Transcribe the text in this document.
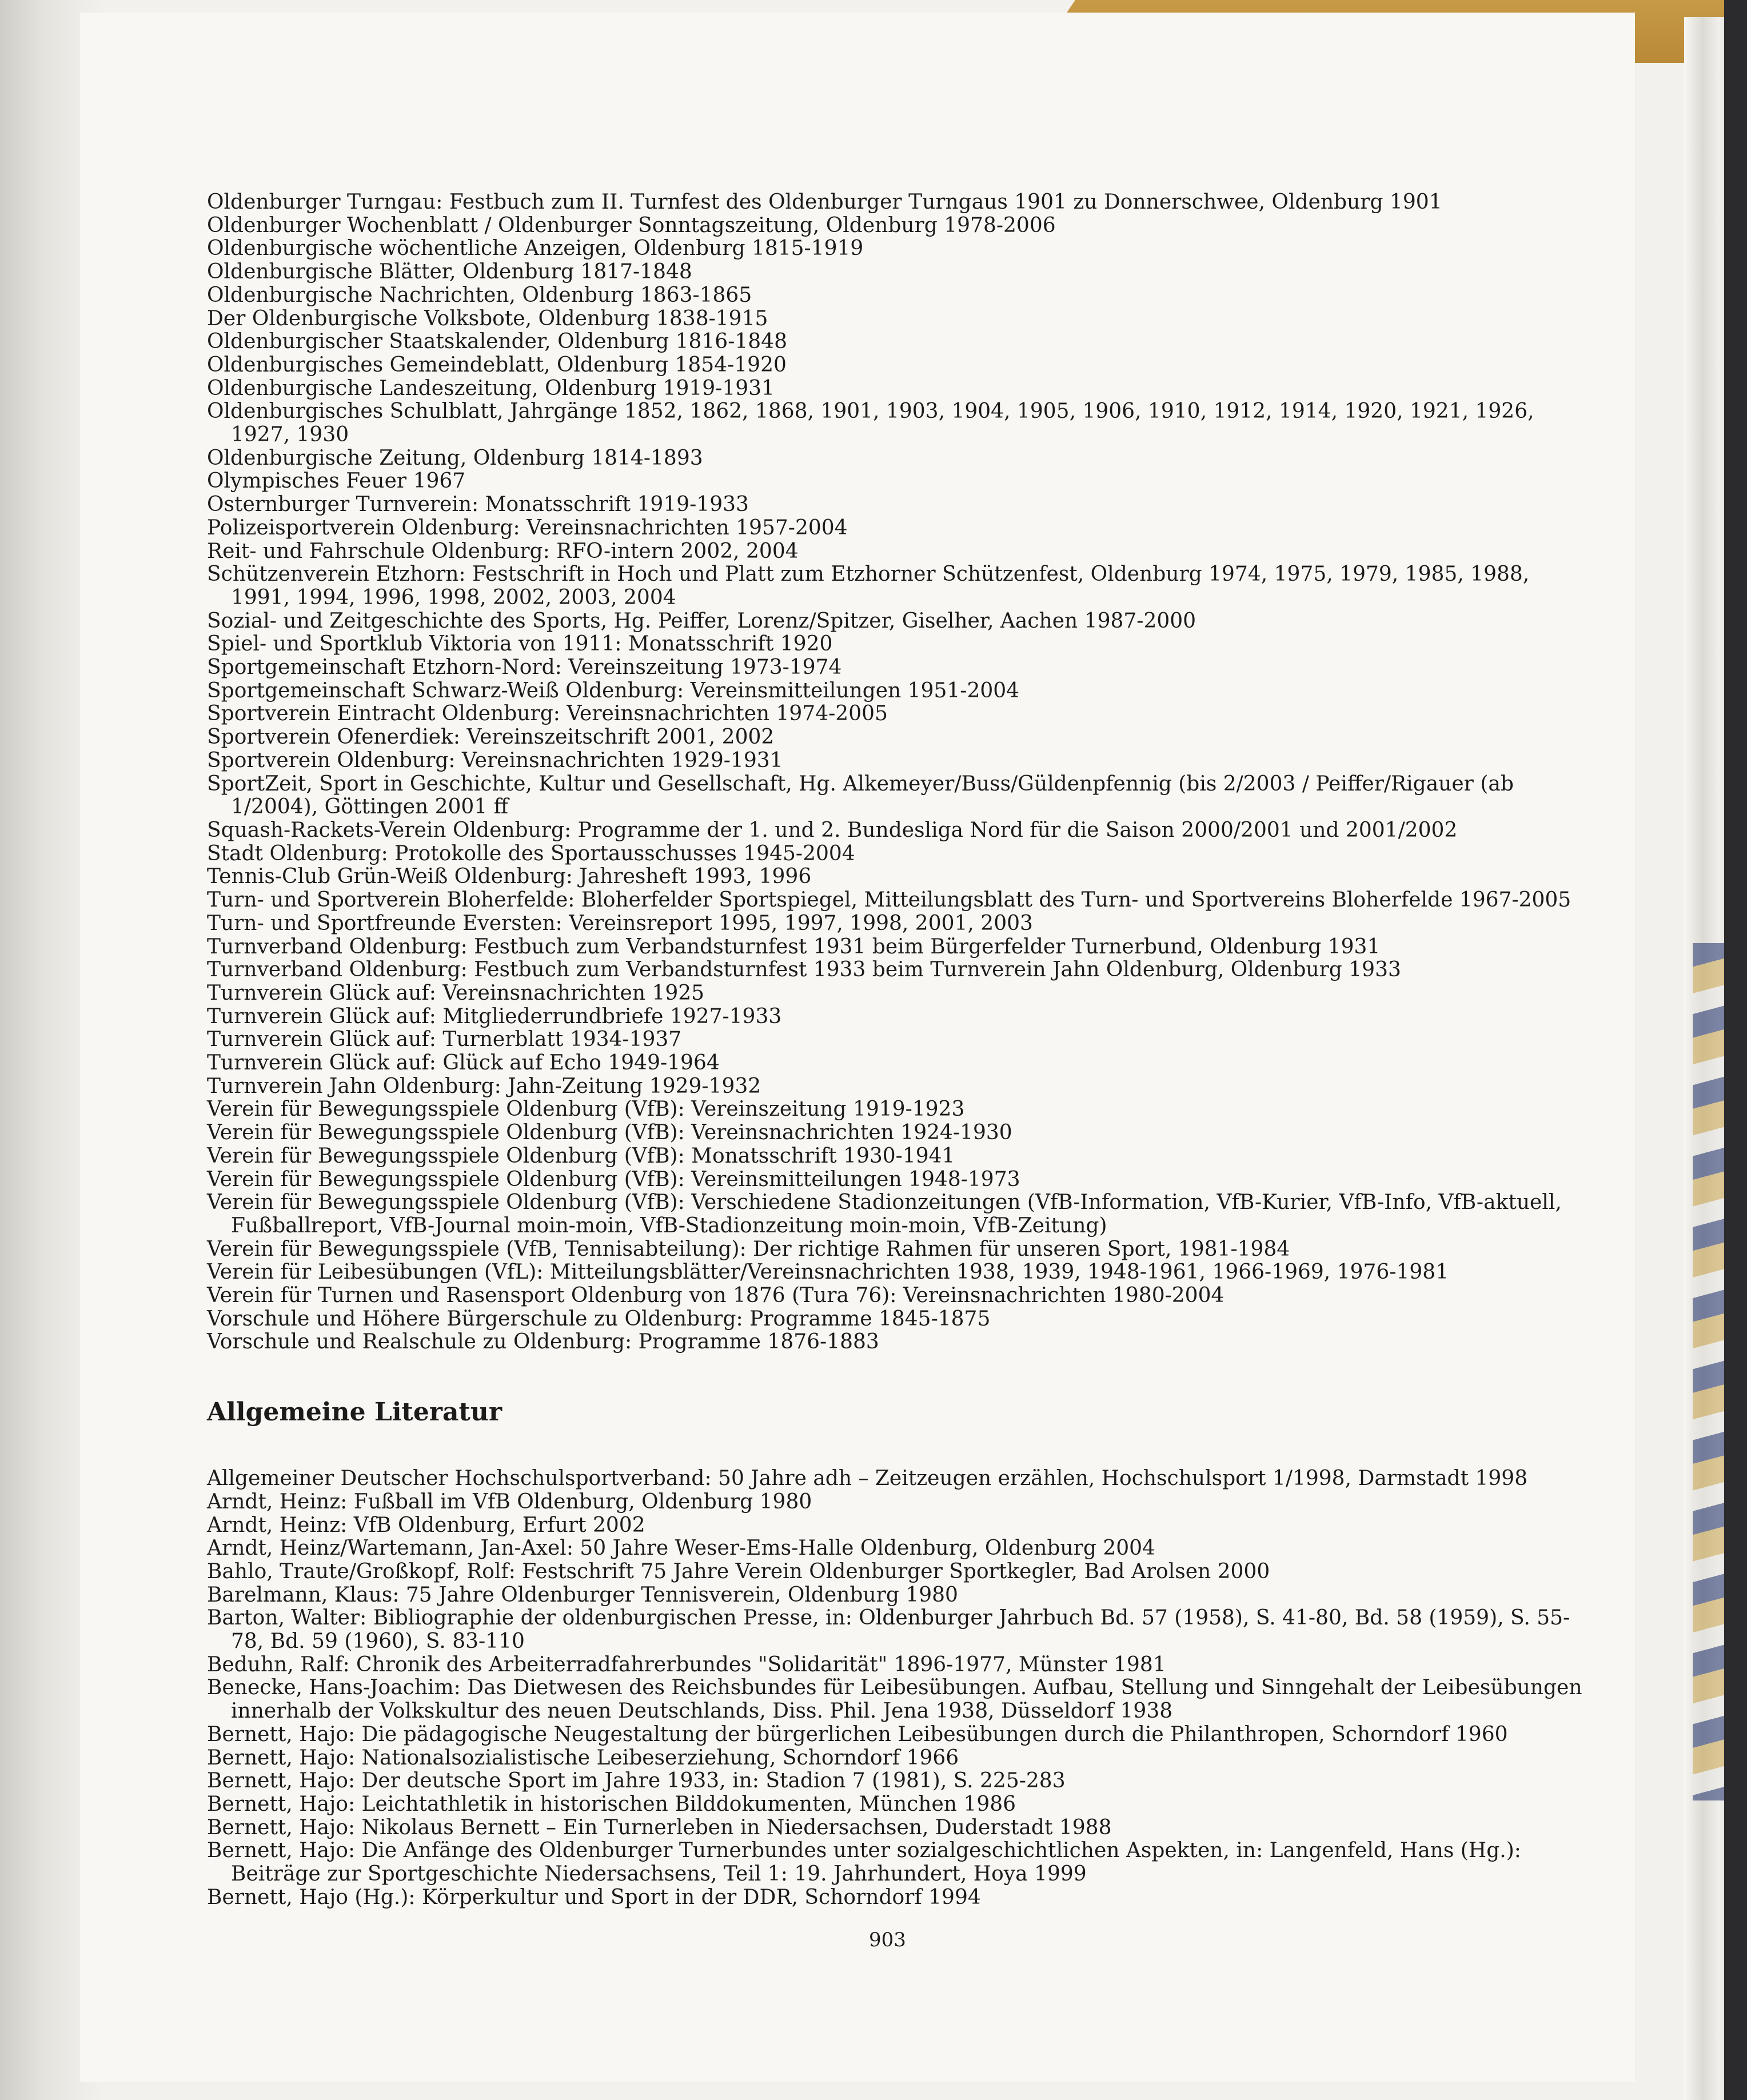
Oldenburger Turngau: Festbuch zum II. Turnfest des Oldenburger Turngaus 1901 zu Donnerschwee, Oldenburg 1901

Oldenburger Wochenblatt / Oldenburger Sonntagszeitung, Oldenburg 1978-2006

Oldenburgische wöchentliche Anzeigen, Oldenburg 1815-1919

Oldenburgische Blätter, Oldenburg 1817-1848

Oldenburgische Nachrichten, Oldenburg 1863-1865

Der Oldenburgische Volksbote, Oldenburg 1838-1915

Oldenburgischer Staatskalender, Oldenburg 1816-1848

Oldenburgisches Gemeindeblatt, Oldenburg 1854-1920

Oldenburgische Landeszeitung, Oldenburg 1919-1931

Oldenburgisches Schulblatt, Jahrgänge 1852, 1862, 1868, 1901, 1903, 1904, 1905, 1906, 1910, 1912, 1914, 1920, 1921, 1926, 1927, 1930

Oldenburgische Zeitung, Oldenburg 1814-1893

Olympisches Feuer 1967

Osternburger Turnverein: Monatsschrift 1919-1933

Polizeisportverein Oldenburg: Vereinsnachrichten 1957-2004

Reit- und Fahrschule Oldenburg: RFO-intern 2002, 2004

Schützenverein Etzhorn: Festschrift in Hoch und Platt zum Etzhorner Schützenfest, Oldenburg 1974, 1975, 1979, 1985, 1988, 1991, 1994, 1996, 1998, 2002, 2003, 2004

Sozial- und Zeitgeschichte des Sports, Hg. Peiffer, Lorenz/Spitzer, Giselher, Aachen 1987-2000

Spiel- und Sportklub Viktoria von 1911: Monatsschrift 1920

Sportgemeinschaft Etzhorn-Nord: Vereinszeitung 1973-1974

Sportgemeinschaft Schwarz-Weiß Oldenburg: Vereinsmitteilungen 1951-2004

Sportverein Eintracht Oldenburg: Vereinsnachrichten 1974-2005

Sportverein Ofenerdiek: Vereinszeitschrift 2001, 2002

Sportverein Oldenburg: Vereinsnachrichten 1929-1931

SportZeit, Sport in Geschichte, Kultur und Gesellschaft, Hg. Alkemeyer/Buss/Güldenpfennig (bis 2/2003 / Peiffer/Rigauer (ab 1/2004), Göttingen 2001 ff

Squash-Rackets-Verein Oldenburg: Programme der 1. und 2. Bundesliga Nord für die Saison 2000/2001 und 2001/2002

Stadt Oldenburg: Protokolle des Sportausschusses 1945-2004

Tennis-Club Grün-Weiß Oldenburg: Jahresheft 1993, 1996

Turn- und Sportverein Bloherfelde: Bloherfelder Sportspiegel, Mitteilungsblatt des Turn- und Sportvereins Bloherfelde 1967-2005

Turn- und Sportfreunde Eversten: Vereinsreport 1995, 1997, 1998, 2001, 2003

Turnverband Oldenburg: Festbuch zum Verbandsturnfest 1931 beim Bürgerfelder Turnerbund, Oldenburg 1931

Turnverband Oldenburg: Festbuch zum Verbandsturnfest 1933 beim Turnverein Jahn Oldenburg, Oldenburg 1933

Turnverein Glück auf: Vereinsnachrichten 1925

Turnverein Glück auf: Mitgliederrundbriefe 1927-1933

Turnverein Glück auf: Turnerblatt 1934-1937

Turnverein Glück auf: Glück auf Echo 1949-1964

Turnverein Jahn Oldenburg: Jahn-Zeitung 1929-1932

Verein für Bewegungsspiele Oldenburg (VfB): Vereinszeitung 1919-1923

Verein für Bewegungsspiele Oldenburg (VfB): Vereinsnachrichten 1924-1930

Verein für Bewegungsspiele Oldenburg (VfB): Monatsschrift 1930-1941

Verein für Bewegungsspiele Oldenburg (VfB): Vereinsmitteilungen 1948-1973

Verein für Bewegungsspiele Oldenburg (VfB): Verschiedene Stadionzeitungen (VfB-Information, VfB-Kurier, VfB-Info, VfB-aktuell, Fußballreport, VfB-Journal moin-moin, VfB-Stadionzeitung moin-moin, VfB-Zeitung)

Verein für Bewegungsspiele (VfB, Tennisabteilung): Der richtige Rahmen für unseren Sport, 1981-1984

Verein für Leibesübungen (VfL): Mitteilungsblätter/Vereinsnachrichten 1938, 1939, 1948-1961, 1966-1969, 1976-1981

Verein für Turnen und Rasensport Oldenburg von 1876 (Tura 76): Vereinsnachrichten 1980-2004

Vorschule und Höhere Bürgerschule zu Oldenburg: Programme 1845-1875

Vorschule und Realschule zu Oldenburg: Programme 1876-1883

Allgemeine Literatur

Allgemeiner Deutscher Hochschulsportverband: 50 Jahre adh – Zeitzeugen erzählen, Hochschulsport 1/1998, Darmstadt 1998

Arndt, Heinz: Fußball im VfB Oldenburg, Oldenburg 1980

Arndt, Heinz: VfB Oldenburg, Erfurt 2002

Arndt, Heinz/Wartemann, Jan-Axel: 50 Jahre Weser-Ems-Halle Oldenburg, Oldenburg 2004

Bahlo, Traute/Großkopf, Rolf: Festschrift 75 Jahre Verein Oldenburger Sportkegler, Bad Arolsen 2000

Barelmann, Klaus: 75 Jahre Oldenburger Tennisverein, Oldenburg 1980

Barton, Walter: Bibliographie der oldenburgischen Presse, in: Oldenburger Jahrbuch Bd. 57 (1958), S. 41-80, Bd. 58 (1959), S. 55-78, Bd. 59 (1960), S. 83-110

Beduhn, Ralf: Chronik des Arbeiterradfahrerbundes "Solidarität" 1896-1977, Münster 1981

Benecke, Hans-Joachim: Das Dietwesen des Reichsbundes für Leibesübungen. Aufbau, Stellung und Sinngehalt der Leibesübungen innerhalb der Volkskultur des neuen Deutschlands, Diss. Phil. Jena 1938, Düsseldorf 1938

Bernett, Hajo: Die pädagogische Neugestaltung der bürgerlichen Leibesübungen durch die Philanthropen, Schorndorf 1960

Bernett, Hajo: Nationalsozialistische Leibeserziehung, Schorndorf 1966

Bernett, Hajo: Der deutsche Sport im Jahre 1933, in: Stadion 7 (1981), S. 225-283

Bernett, Hajo: Leichtathletik in historischen Bilddokumenten, München 1986

Bernett, Hajo: Nikolaus Bernett – Ein Turnerleben in Niedersachsen, Duderstadt 1988

Bernett, Hajo: Die Anfänge des Oldenburger Turnerbundes unter sozialgeschichtlichen Aspekten, in: Langenfeld, Hans (Hg.): Beiträge zur Sportgeschichte Niedersachsens, Teil 1: 19. Jahrhundert, Hoya 1999

Bernett, Hajo (Hg.): Körperkultur und Sport in der DDR, Schorndorf 1994

903
